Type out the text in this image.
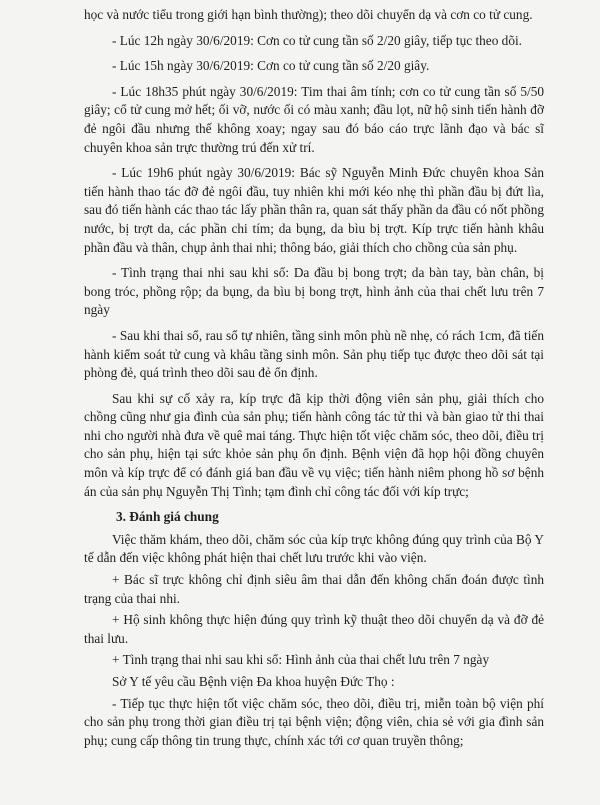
học và nước tiểu trong giới hạn bình thường); theo dõi chuyển dạ và cơn co tử cung.

- Lúc 12h ngày 30/6/2019: Cơn co tử cung tần số 2/20 giây, tiếp tục theo dõi.

- Lúc 15h ngày 30/6/2019: Cơn co tử cung tần số 2/20 giây.

- Lúc 18h35 phút ngày 30/6/2019: Tim thai âm tính; cơn co tử cung tần số 5/50 giây; cổ tử cung mở hết; ối vỡ, nước ối có màu xanh; đầu lọt, nữ hộ sinh tiến hành đỡ đẻ ngôi đầu nhưng thế không xoay; ngay sau đó báo cáo trực lãnh đạo và bác sĩ chuyên khoa sản trực thường trú đến xử trí.

- Lúc 19h6 phút ngày 30/6/2019: Bác sỹ Nguyễn Minh Đức chuyên khoa Sản tiến hành thao tác đỡ đẻ ngôi đầu, tuy nhiên khi mới kéo nhẹ thì phần đầu bị đứt lìa, sau đó tiến hành các thao tác lấy phần thân ra, quan sát thấy phần da đầu có nốt phồng nước, bị trợt da, các phần chi tím; da bụng, da bìu bị trợt. Kíp trực tiến hành khâu phần đầu và thân, chụp ảnh thai nhi; thông báo, giải thích cho chồng của sản phụ.

- Tình trạng thai nhi sau khi sổ: Da đầu bị bong trợt; da bàn tay, bàn chân, bị bong tróc, phồng rộp; da bụng, da bìu bị bong trợt, hình ảnh của thai chết lưu trên 7 ngày

- Sau khi thai sổ, rau sổ tự nhiên, tầng sinh môn phù nề nhẹ, có rách 1cm, đã tiến hành kiểm soát tử cung và khâu tầng sinh môn. Sản phụ tiếp tục được theo dõi sát tại phòng đẻ, quá trình theo dõi sau đẻ ổn định.

Sau khi sự cố xảy ra, kíp trực đã kịp thời động viên sản phụ, giải thích cho chồng cũng như gia đình của sản phụ; tiến hành công tác tử thi và bàn giao tử thi thai nhi cho người nhà đưa về quê mai táng. Thực hiện tốt việc chăm sóc, theo dõi, điều trị cho sản phụ, hiện tại sức khỏe sản phụ ổn định. Bệnh viện đã họp hội đồng chuyên môn và kíp trực để có đánh giá ban đầu về vụ việc; tiến hành niêm phong hồ sơ bệnh án của sản phụ Nguyễn Thị Tình; tạm đình chỉ công tác đối với kíp trực;

3. Đánh giá chung

Việc thăm khám, theo dõi, chăm sóc của kíp trực không đúng quy trình của Bộ Y tế dẫn đến việc không phát hiện thai chết lưu trước khi vào viện.

+ Bác sĩ trực không chỉ định siêu âm thai dẫn đến không chẩn đoán được tình trạng của thai nhi.

+ Hộ sinh không thực hiện đúng quy trình kỹ thuật theo dõi chuyển dạ và đỡ đẻ thai lưu.

+ Tình trạng thai nhi sau khi sổ: Hình ảnh của thai chết lưu trên 7 ngày

Sở Y tế yêu cầu Bệnh viện Đa khoa huyện Đức Thọ :

- Tiếp tục thực hiện tốt việc chăm sóc, theo dõi, điều trị, miễn toàn bộ viện phí cho sản phụ trong thời gian điều trị tại bệnh viện; động viên, chia sẻ với gia đình sản phụ; cung cấp thông tin trung thực, chính xác tới cơ quan truyền thông;
